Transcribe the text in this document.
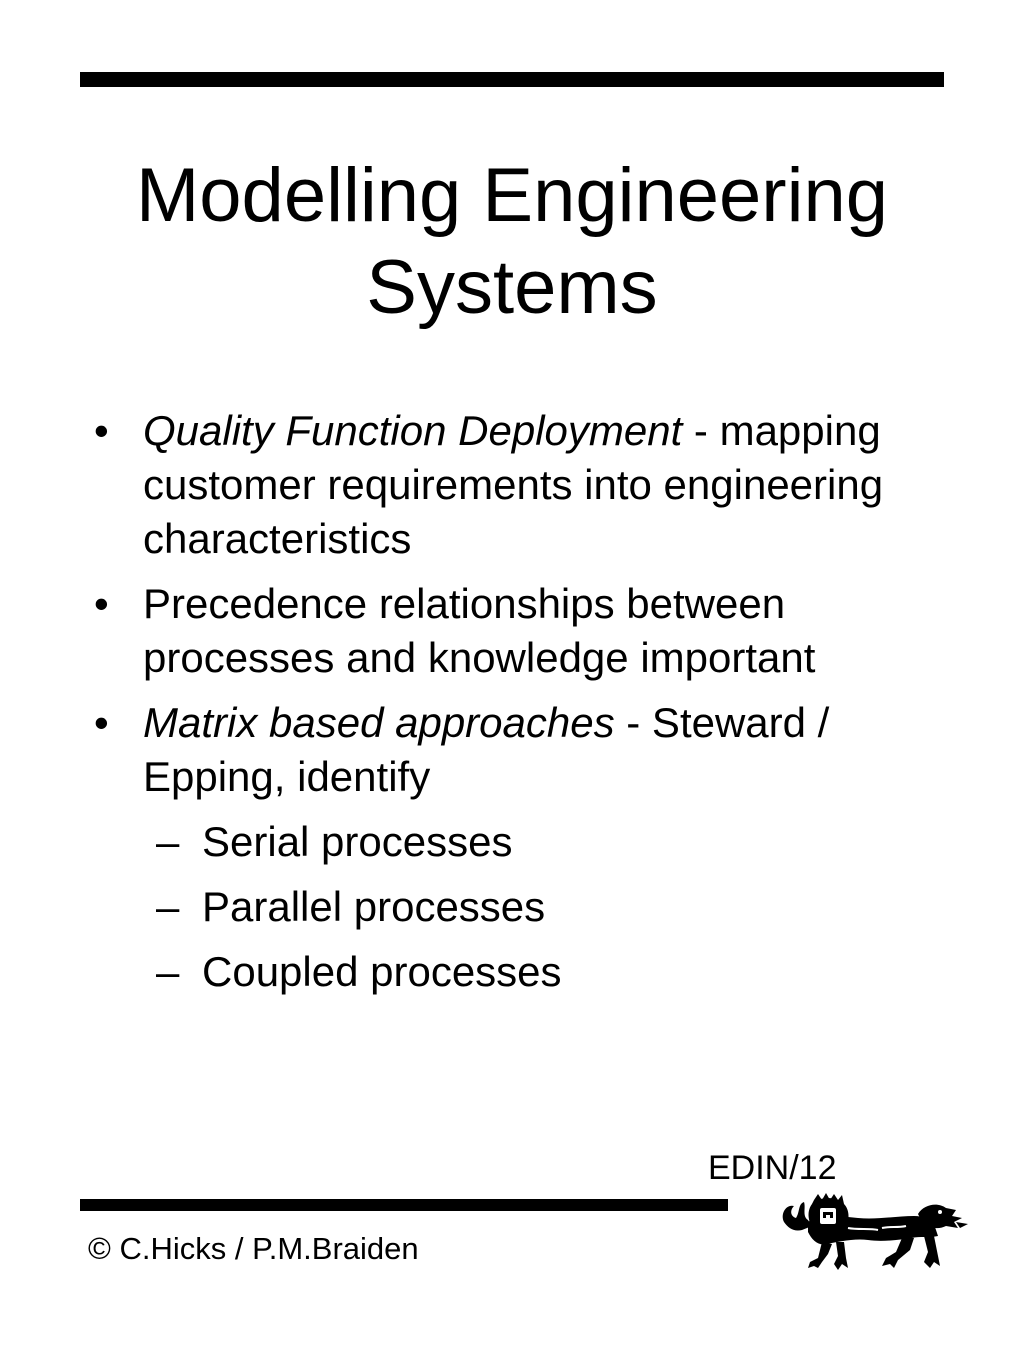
Modelling Engineering
Systems
• Quality Function Deployment - mapping customer requirements into engineering characteristics
• Precedence relationships between processes and knowledge important
• Matrix based approaches - Steward / Epping, identify
– Serial processes
– Parallel processes
– Coupled processes
EDIN/12
© C.Hicks / P.M.Braiden
